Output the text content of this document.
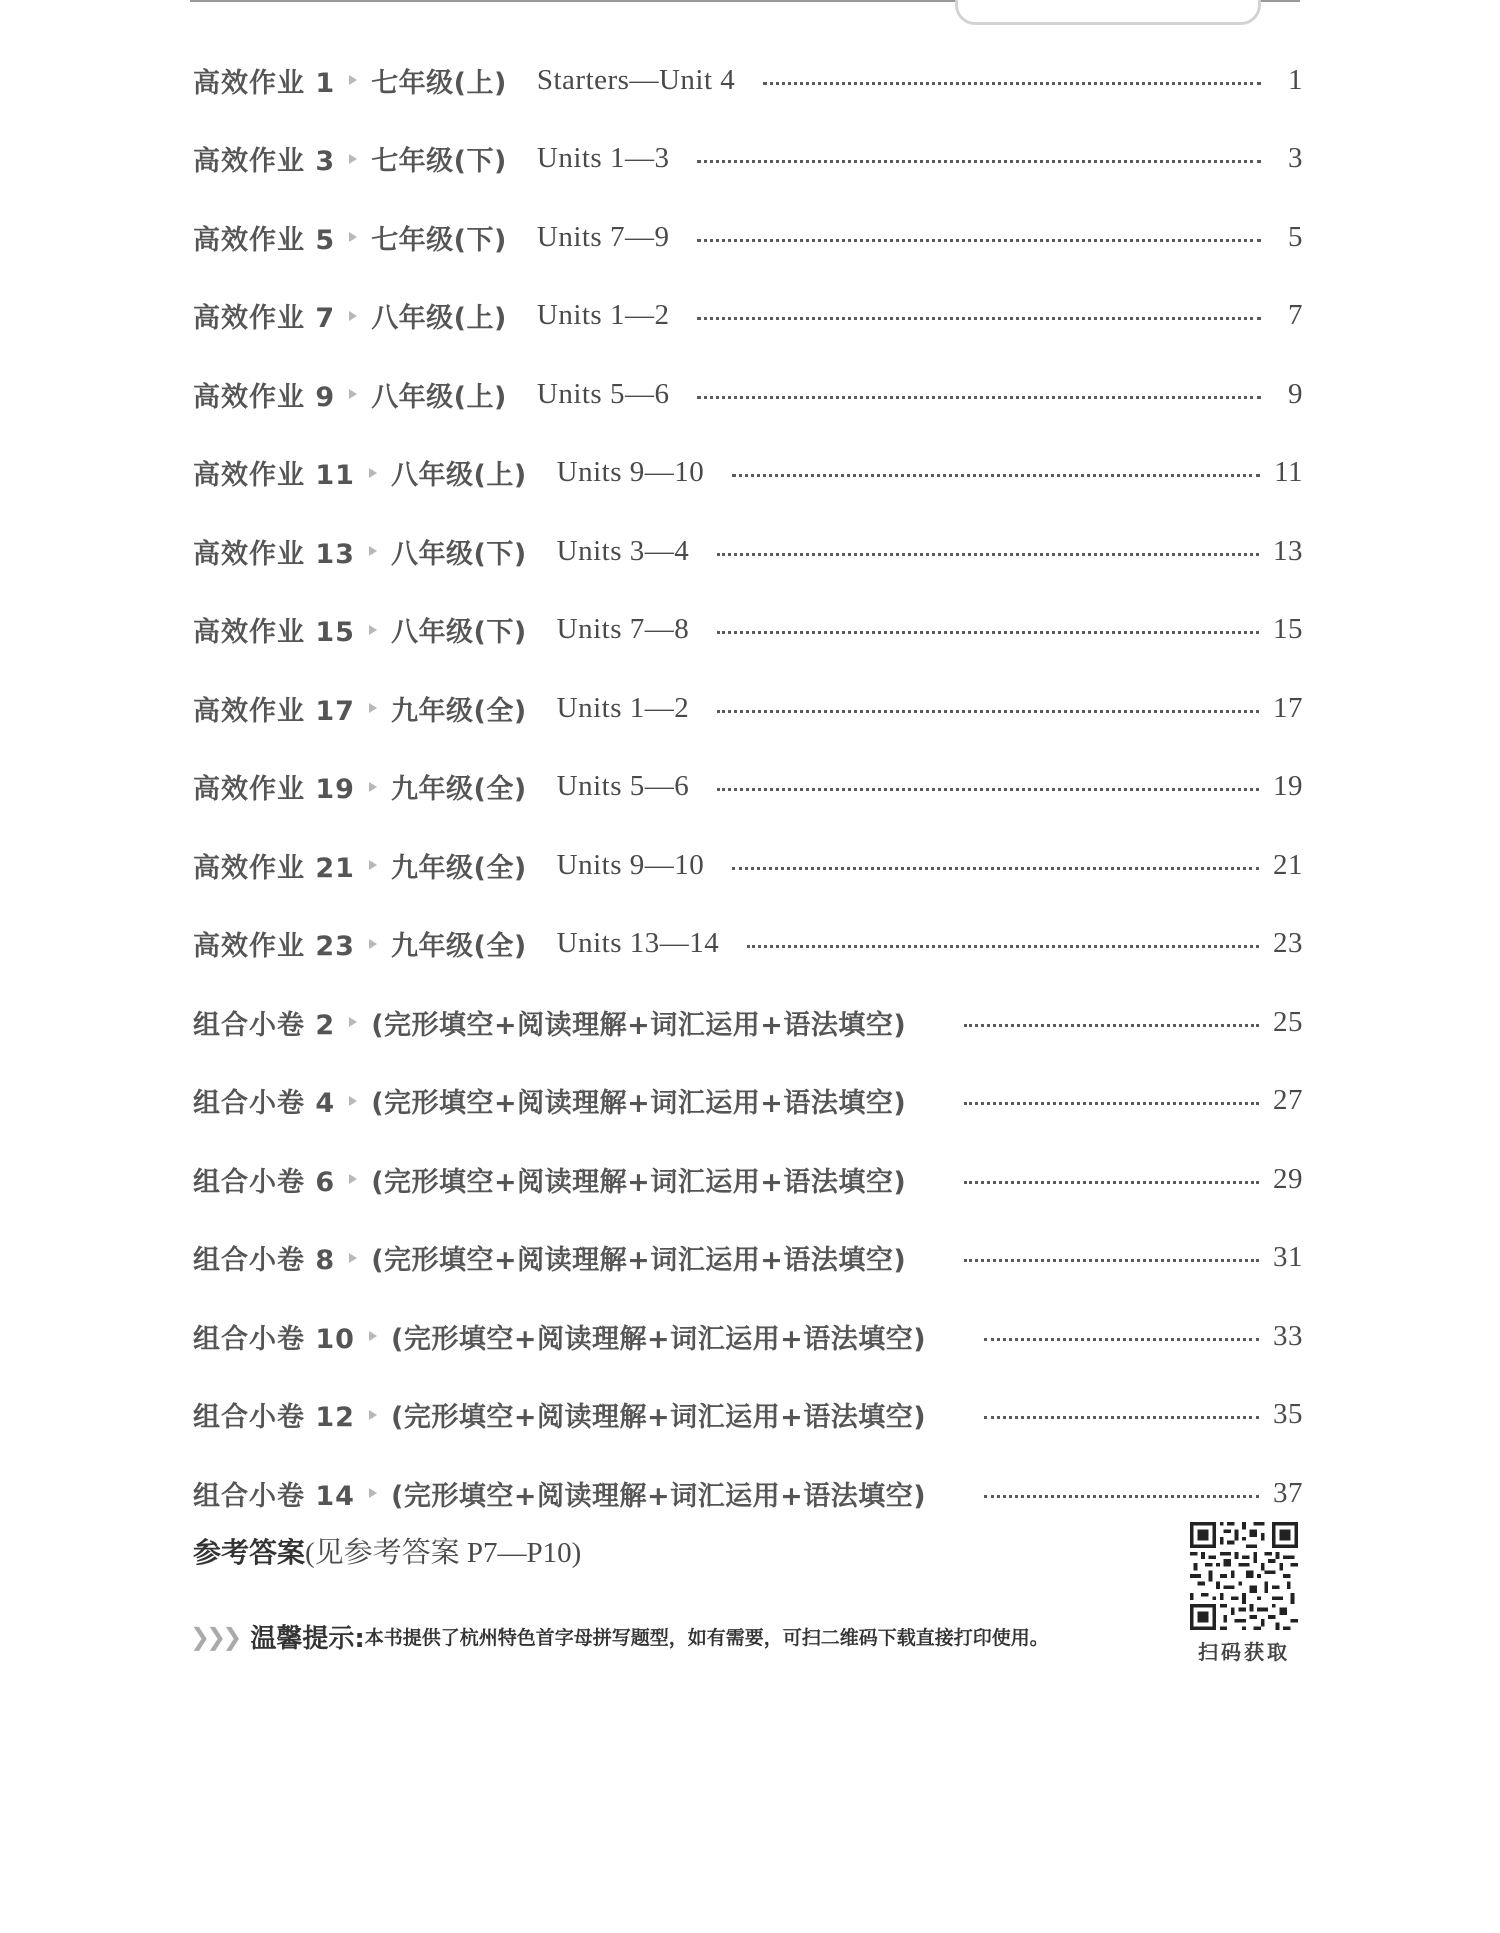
高效作业 1 七年级(上) Starters—Unit 4	1
高效作业 3 七年级(下) Units 1—3	3
高效作业 5 七年级(下) Units 7—9	5
高效作业 7 八年级(上) Units 1—2	7
高效作业 9 八年级(上) Units 5—6	9
高效作业 11 八年级(上) Units 9—10	11
高效作业 13 八年级(下) Units 3—4	13
高效作业 15 八年级(下) Units 7—8	15
高效作业 17 九年级(全) Units 1—2	17
高效作业 19 九年级(全) Units 5—6	19
高效作业 21 九年级(全) Units 9—10	21
高效作业 23 九年级(全) Units 13—14	23
组合小卷 2 (完形填空+阅读理解+词汇运用+语法填空)	25
组合小卷 4 (完形填空+阅读理解+词汇运用+语法填空)	27
组合小卷 6 (完形填空+阅读理解+词汇运用+语法填空)	29
组合小卷 8 (完形填空+阅读理解+词汇运用+语法填空)	31
组合小卷 10 (完形填空+阅读理解+词汇运用+语法填空)	33
组合小卷 12 (完形填空+阅读理解+词汇运用+语法填空)	35
组合小卷 14 (完形填空+阅读理解+词汇运用+语法填空)	37
参考答案(见参考答案 P7—P10)
❯❯❯ 温馨提示: 本书提供了杭州特色首字母拼写题型，如有需要，可扫二维码下载直接打印使用。
扫码获取
